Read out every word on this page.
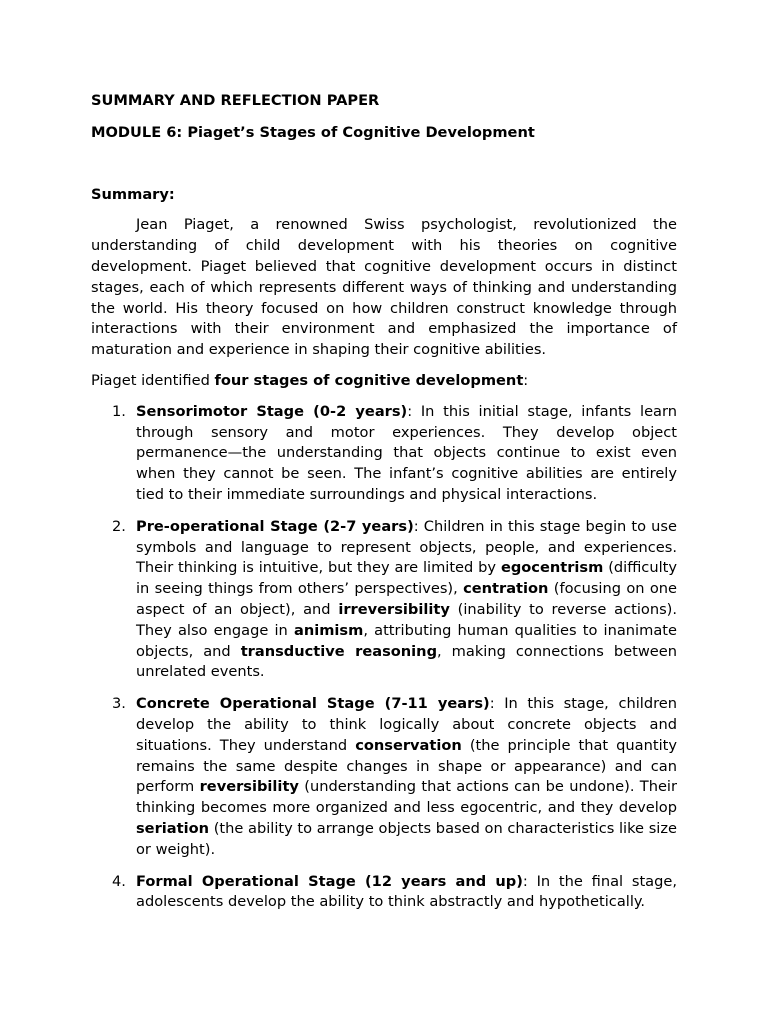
SUMMARY AND REFLECTION PAPER
MODULE 6: Piaget’s Stages of Cognitive Development
Summary:

Jean Piaget, a renowned Swiss psychologist, revolutionized the understanding of child development with his theories on cognitive development. Piaget believed that cognitive development occurs in distinct stages, each of which represents different ways of thinking and understanding the world. His theory focused on how children construct knowledge through interactions with their environment and emphasized the importance of maturation and experience in shaping their cognitive abilities.

Piaget identified four stages of cognitive development:

1. Sensorimotor Stage (0-2 years): In this initial stage, infants learn through sensory and motor experiences. They develop object permanence—the understanding that objects continue to exist even when they cannot be seen. The infant’s cognitive abilities are entirely tied to their immediate surroundings and physical interactions.
2. Pre-operational Stage (2-7 years): Children in this stage begin to use symbols and language to represent objects, people, and experiences. Their thinking is intuitive, but they are limited by egocentrism (difficulty in seeing things from others’ perspectives), centration (focusing on one aspect of an object), and irreversibility (inability to reverse actions). They also engage in animism, attributing human qualities to inanimate objects, and transductive reasoning, making connections between unrelated events.
3. Concrete Operational Stage (7-11 years): In this stage, children develop the ability to think logically about concrete objects and situations. They understand conservation (the principle that quantity remains the same despite changes in shape or appearance) and can perform reversibility (understanding that actions can be undone). Their thinking becomes more organized and less egocentric, and they develop seriation (the ability to arrange objects based on characteristics like size or weight).
4. Formal Operational Stage (12 years and up): In the final stage, adolescents develop the ability to think abstractly and hypothetically.
